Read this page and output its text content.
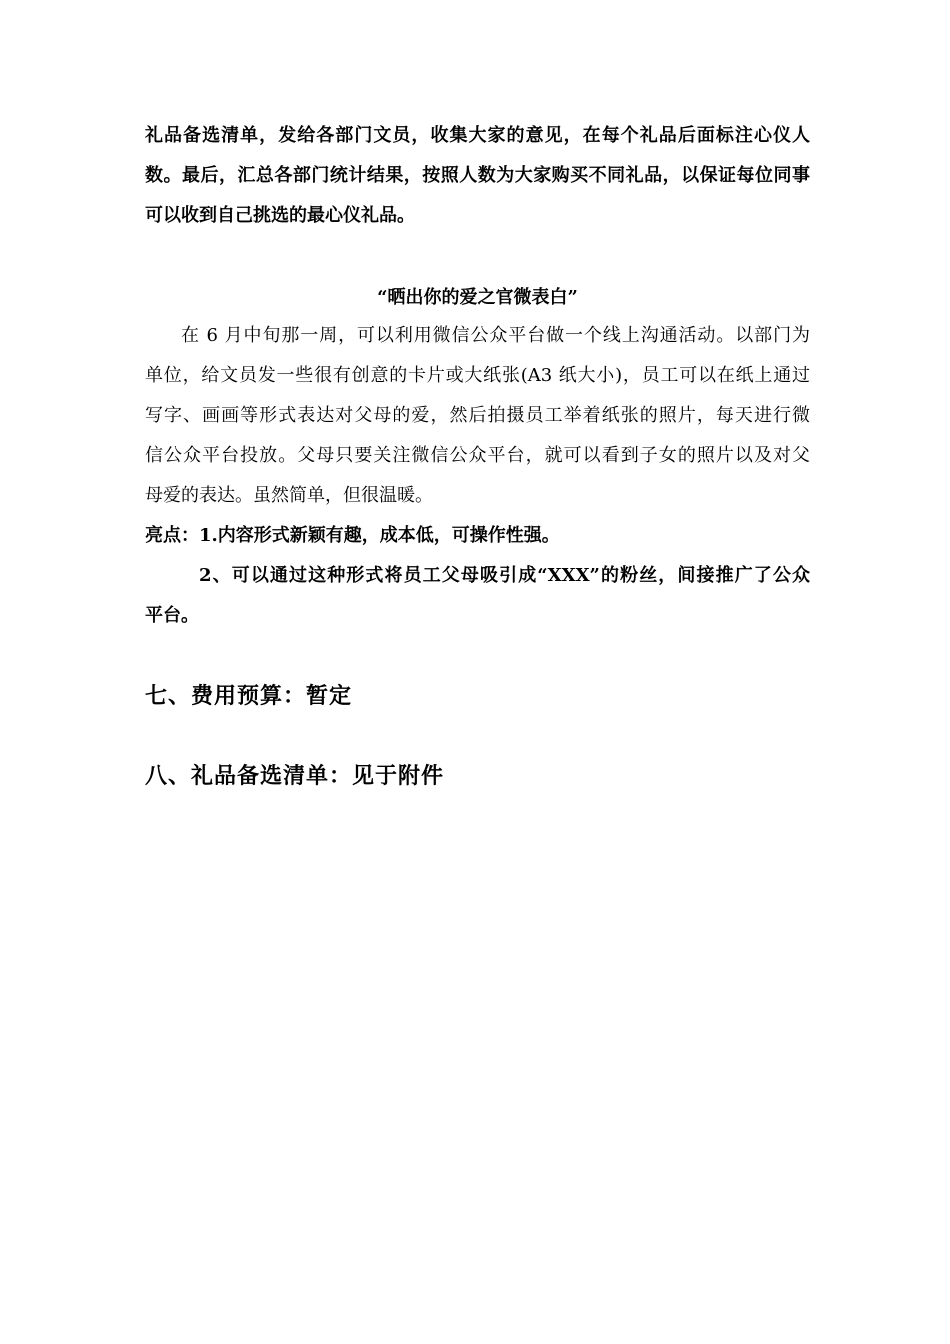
礼品备选清单，发给各部门文员，收集大家的意见，在每个礼品后面标注心仪人
数。最后，汇总各部门统计结果，按照人数为大家购买不同礼品，以保证每位同事
可以收到自己挑选的最心仪礼品。
“晒出你的爱之官微表白”
在 6 月中旬那一周，可以利用微信公众平台做一个线上沟通活动。以部门为
单位，给文员发一些很有创意的卡片或大纸张(A3 纸大小)，员工可以在纸上通过
写字、画画等形式表达对父母的爱，然后拍摄员工举着纸张的照片，每天进行微
信公众平台投放。父母只要关注微信公众平台，就可以看到子女的照片以及对父
母爱的表达。虽然简单，但很温暖。
亮点：1.内容形式新颖有趣，成本低，可操作性强。
2、可以通过这种形式将员工父母吸引成“XXX”的粉丝，间接推广了公众
平台。
七、费用预算：暂定
八、礼品备选清单：见于附件
